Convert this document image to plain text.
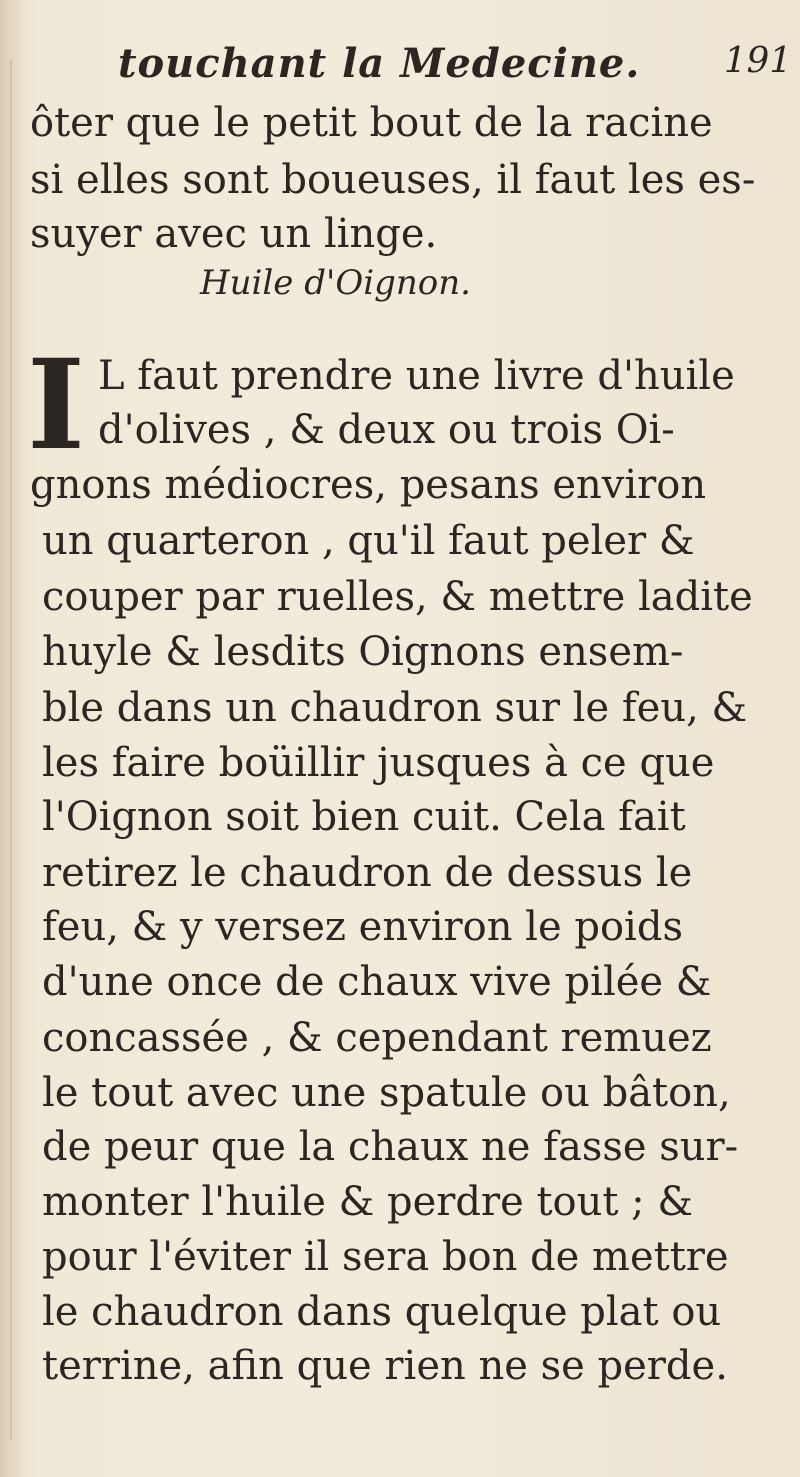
touchant la Medecine. 191
ôter que le petit bout de la racine
si elles sont boueuses, il faut les es-
suyer avec un linge.
Huile d'Oignon.
I L faut prendre une livre d'huile
d'olives , & deux ou trois Oi-
gnons médiocres, pesans environ
un quarteron , qu'il faut peler &
couper par ruelles, & mettre ladite
huyle & lesdits Oignons ensem-
ble dans un chaudron sur le feu, &
les faire boüillir jusques à ce que
l'Oignon soit bien cuit. Cela fait
retirez le chaudron de dessus le
feu, & y versez environ le poids
d'une once de chaux vive pilée &
concassée , & cependant remuez
le tout avec une spatule ou bâton,
de peur que la chaux ne fasse sur-
monter l'huile & perdre tout ; &
pour l'éviter il sera bon de mettre
le chaudron dans quelque plat ou
terrine, afin que rien ne se perde.
